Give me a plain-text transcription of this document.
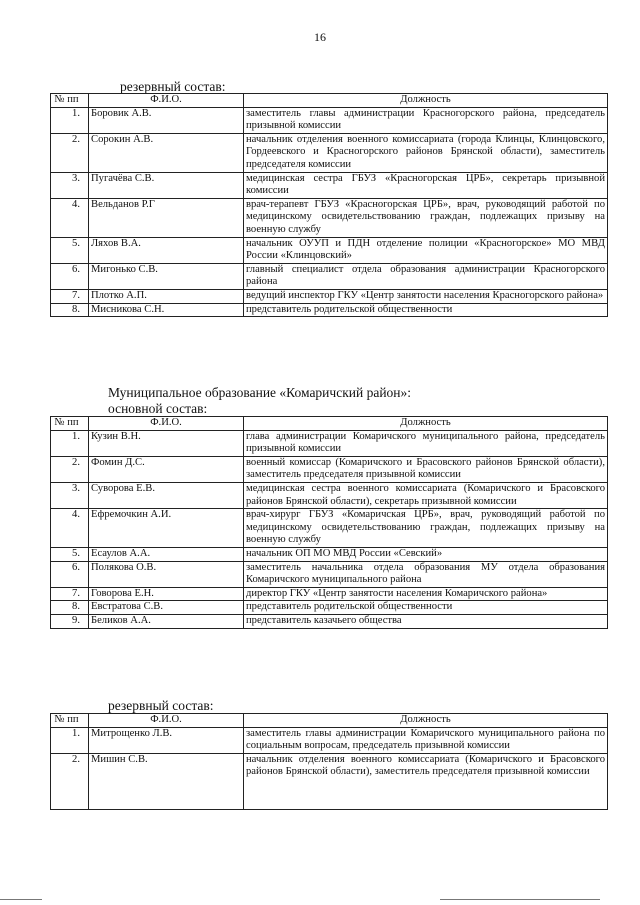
16
резервный состав:
№ пп	Ф.И.О.	Должность
1.	Боровик А.В.	заместитель главы администрации Красногорского района, председатель призывной комиссии
2.	Сорокин А.В.	начальник отделения военного комиссариата (города Клинцы, Клинцовского, Гордеевского и Красногорского районов Брянской области), заместитель председателя комиссии
3.	Пугачёва С.В.	медицинская сестра ГБУЗ «Красногорская ЦРБ», секретарь призывной комиссии
4.	Вельданов Р.Г	врач-терапевт ГБУЗ «Красногорская ЦРБ», врач, руководящий работой по медицинскому освидетельствованию граждан, подлежащих призыву на военную службу
5.	Ляхов В.А.	начальник ОУУП и ПДН отделение полиции «Красногорское» МО МВД России «Клинцовский»
6.	Мигонько С.В.	главный специалист отдела образования администрации Красногорского района
7.	Плотко А.П.	ведущий инспектор ГКУ «Центр занятости населения Красногорского района»
8.	Мисникова С.Н.	представитель родительской общественности
Муниципальное образование «Комаричский район»:
основной состав:
№ пп	Ф.И.О.	Должность
1.	Кузин В.Н.	глава администрации Комаричского муниципального района, председатель призывной комиссии
2.	Фомин Д.С.	военный комиссар (Комаричского и Брасовского районов Брянской области), заместитель председателя призывной комиссии
3.	Суворова Е.В.	медицинская сестра военного комиссариата (Комаричского и Брасовского районов Брянской области), секретарь призывной комиссии
4.	Ефремочкин А.И.	врач-хирург ГБУЗ «Комаричская ЦРБ», врач, руководящий работой по медицинскому освидетельствованию граждан, подлежащих призыву на военную службу
5.	Есаулов А.А.	начальник ОП МО МВД России «Севский»
6.	Полякова О.В.	заместитель начальника отдела образования МУ отдела образования Комаричского муниципального района
7.	Говорова Е.Н.	директор ГКУ «Центр занятости населения Комаричского района»
8.	Евстратова С.В.	представитель родительской общественности
9.	Беликов А.А.	представитель казачьего общества
резервный состав:
№ пп	Ф.И.О.	Должность
1.	Митрощенко Л.В.	заместитель главы администрации Комаричского муниципального района по социальным вопросам, председатель призывной комиссии
2.	Мишин С.В.	начальник отделения военного комиссариата (Комаричского и Брасовского районов Брянской области), заместитель председателя призывной комиссии
